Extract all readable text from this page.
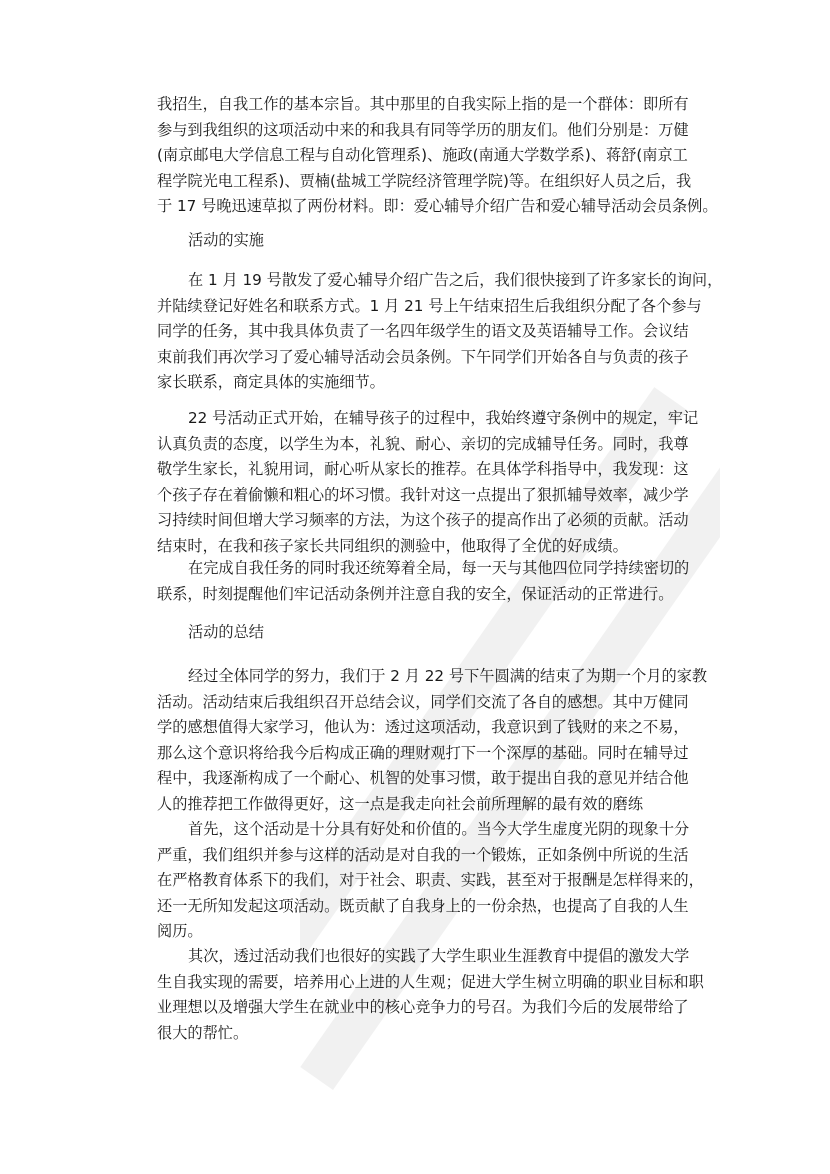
我招生，自我工作的基本宗旨。其中那里的自我实际上指的是一个群体：即所有
参与到我组织的这项活动中来的和我具有同等学历的朋友们。他们分别是：万健
(南京邮电大学信息工程与自动化管理系)、施政(南通大学数学系)、蒋舒(南京工
程学院光电工程系)、贾楠(盐城工学院经济管理学院)等。在组织好人员之后，我
于 17 号晚迅速草拟了两份材料。即：爱心辅导介绍广告和爱心辅导活动会员条例。
活动的实施
在 1 月 19 号散发了爱心辅导介绍广告之后，我们很快接到了许多家长的询问，
并陆续登记好姓名和联系方式。1 月 21 号上午结束招生后我组织分配了各个参与
同学的任务，其中我具体负责了一名四年级学生的语文及英语辅导工作。会议结
束前我们再次学习了爱心辅导活动会员条例。下午同学们开始各自与负责的孩子
家长联系，商定具体的实施细节。
22 号活动正式开始，在辅导孩子的过程中，我始终遵守条例中的规定，牢记
认真负责的态度，以学生为本，礼貌、耐心、亲切的完成辅导任务。同时，我尊
敬学生家长，礼貌用词，耐心听从家长的推荐。在具体学科指导中，我发现：这
个孩子存在着偷懒和粗心的坏习惯。我针对这一点提出了狠抓辅导效率，减少学
习持续时间但增大学习频率的方法，为这个孩子的提高作出了必须的贡献。活动
结束时，在我和孩子家长共同组织的测验中，他取得了全优的好成绩。
在完成自我任务的同时我还统筹着全局，每一天与其他四位同学持续密切的
联系，时刻提醒他们牢记活动条例并注意自我的安全，保证活动的正常进行。
活动的总结
经过全体同学的努力，我们于 2 月 22 号下午圆满的结束了为期一个月的家教
活动。活动结束后我组织召开总结会议，同学们交流了各自的感想。其中万健同
学的感想值得大家学习，他认为：透过这项活动，我意识到了钱财的来之不易，
那么这个意识将给我今后构成正确的理财观打下一个深厚的基础。同时在辅导过
程中，我逐渐构成了一个耐心、机智的处事习惯，敢于提出自我的意见并结合他
人的推荐把工作做得更好，这一点是我走向社会前所理解的最有效的磨练
首先，这个活动是十分具有好处和价值的。当今大学生虚度光阴的现象十分
严重，我们组织并参与这样的活动是对自我的一个锻炼，正如条例中所说的生活
在严格教育体系下的我们，对于社会、职责、实践，甚至对于报酬是怎样得来的，
还一无所知发起这项活动。既贡献了自我身上的一份余热，也提高了自我的人生
阅历。
其次，透过活动我们也很好的实践了大学生职业生涯教育中提倡的激发大学
生自我实现的需要，培养用心上进的人生观；促进大学生树立明确的职业目标和职
业理想以及增强大学生在就业中的核心竞争力的号召。为我们今后的发展带给了
很大的帮忙。
